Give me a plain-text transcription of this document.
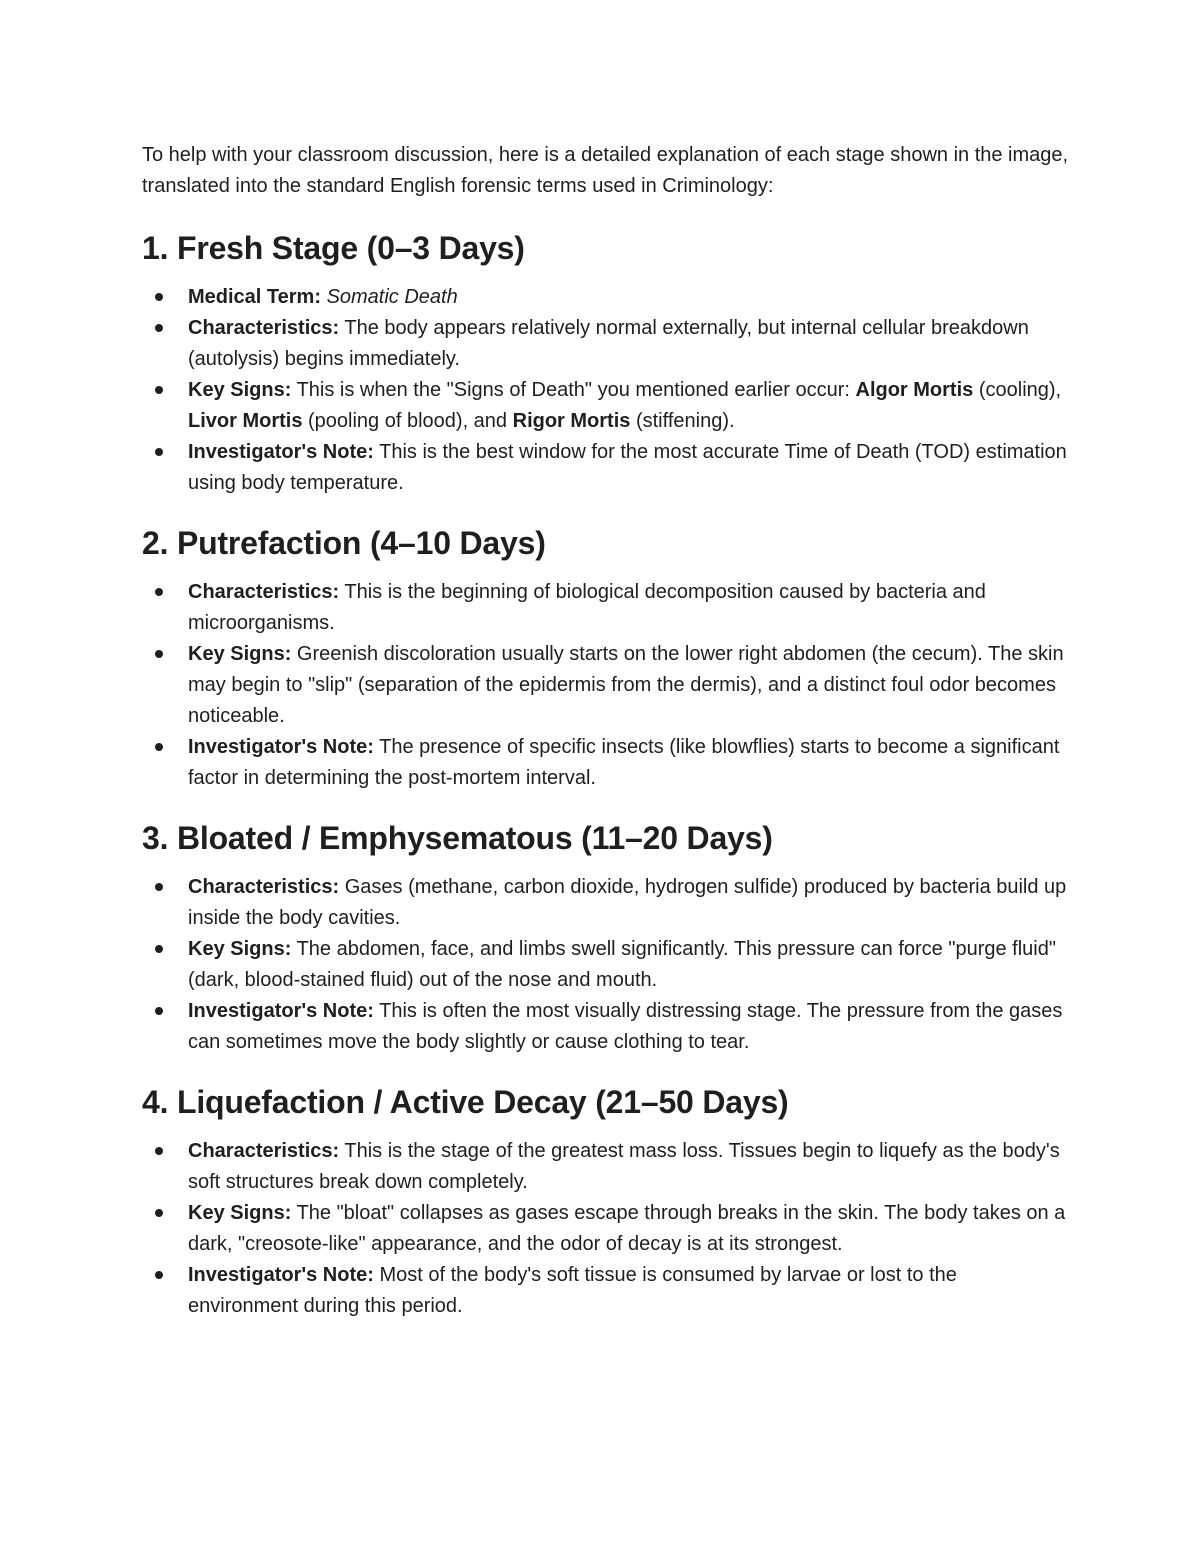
To help with your classroom discussion, here is a detailed explanation of each stage shown in the image, translated into the standard English forensic terms used in Criminology:

1. Fresh Stage (0–3 Days)
Medical Term: Somatic Death
Characteristics: The body appears relatively normal externally, but internal cellular breakdown (autolysis) begins immediately.
Key Signs: This is when the "Signs of Death" you mentioned earlier occur: Algor Mortis (cooling), Livor Mortis (pooling of blood), and Rigor Mortis (stiffening).
Investigator's Note: This is the best window for the most accurate Time of Death (TOD) estimation using body temperature.
2. Putrefaction (4–10 Days)
Characteristics: This is the beginning of biological decomposition caused by bacteria and microorganisms.
Key Signs: Greenish discoloration usually starts on the lower right abdomen (the cecum). The skin may begin to "slip" (separation of the epidermis from the dermis), and a distinct foul odor becomes noticeable.
Investigator's Note: The presence of specific insects (like blowflies) starts to become a significant factor in determining the post-mortem interval.
3. Bloated / Emphysematous (11–20 Days)
Characteristics: Gases (methane, carbon dioxide, hydrogen sulfide) produced by bacteria build up inside the body cavities.
Key Signs: The abdomen, face, and limbs swell significantly. This pressure can force "purge fluid" (dark, blood-stained fluid) out of the nose and mouth.
Investigator's Note: This is often the most visually distressing stage. The pressure from the gases can sometimes move the body slightly or cause clothing to tear.
4. Liquefaction / Active Decay (21–50 Days)
Characteristics: This is the stage of the greatest mass loss. Tissues begin to liquefy as the body's soft structures break down completely.
Key Signs: The "bloat" collapses as gases escape through breaks in the skin. The body takes on a dark, "creosote-like" appearance, and the odor of decay is at its strongest.
Investigator's Note: Most of the body's soft tissue is consumed by larvae or lost to the environment during this period.
